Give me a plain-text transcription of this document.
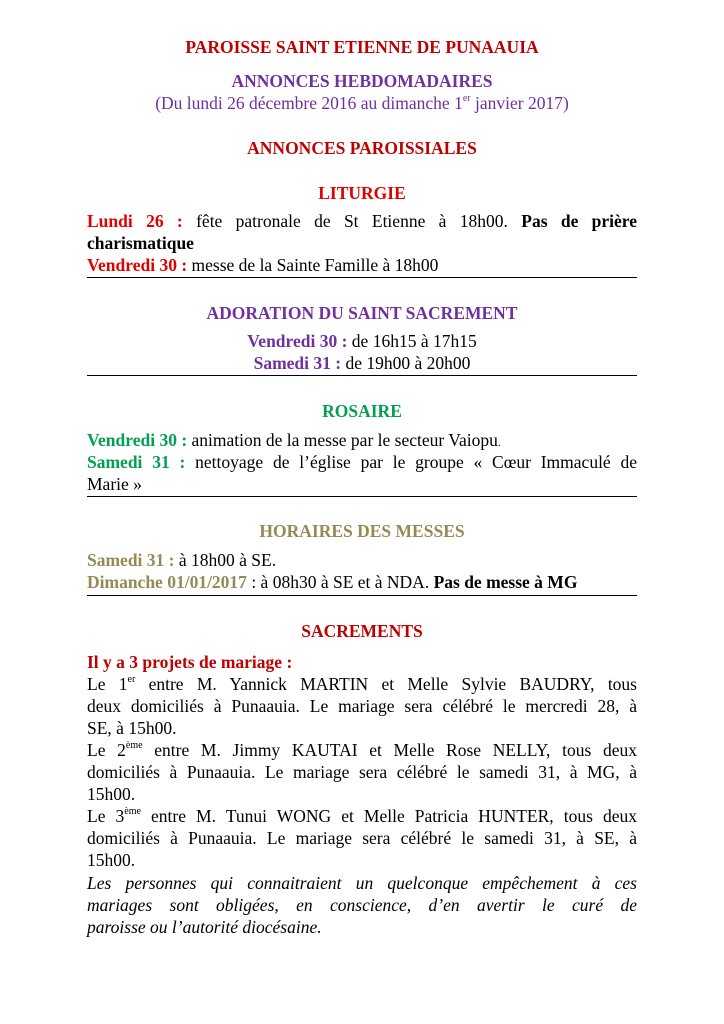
PAROISSE SAINT ETIENNE DE PUNAAUIA
ANNONCES HEBDOMADAIRES
(Du lundi 26 décembre 2016 au dimanche 1er janvier 2017)
ANNONCES PAROISSIALES
LITURGIE
Lundi 26 : fête patronale de St Etienne à 18h00. Pas de prière
charismatique
Vendredi 30 : messe de la Sainte Famille à 18h00
ADORATION DU SAINT SACREMENT
Vendredi 30 : de 16h15 à 17h15
Samedi 31 : de 19h00 à 20h00
ROSAIRE
Vendredi 30 : animation de la messe par le secteur Vaiopu.
Samedi 31 : nettoyage de l’église par le groupe « Cœur Immaculé de
Marie »
HORAIRES DES MESSES
Samedi 31 : à 18h00 à SE.
Dimanche 01/01/2017 : à 08h30 à SE et à NDA. Pas de messe à MG
SACREMENTS
Il y a 3 projets de mariage :
Le 1er entre M. Yannick MARTIN et Melle Sylvie BAUDRY, tous
deux domiciliés à Punaauia. Le mariage sera célébré le mercredi 28, à
SE, à 15h00.
Le 2ème entre M. Jimmy KAUTAI et Melle Rose NELLY, tous deux
domiciliés à Punaauia. Le mariage sera célébré le samedi 31, à MG, à
15h00.
Le 3ème entre M. Tunui WONG et Melle Patricia HUNTER, tous deux
domiciliés à Punaauia. Le mariage sera célébré le samedi 31, à SE, à
15h00.
Les personnes qui connaitraient un quelconque empêchement à ces
mariages sont obligées, en conscience, d’en avertir le curé de
paroisse ou l’autorité diocésaine.
